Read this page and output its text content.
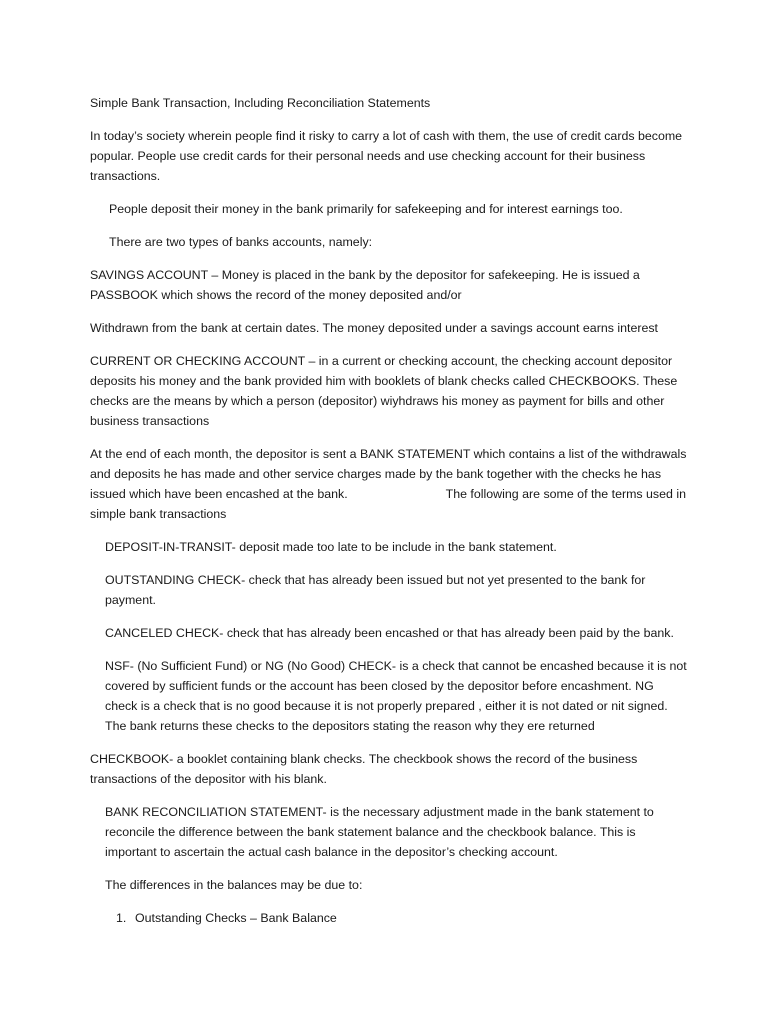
Simple Bank Transaction, Including Reconciliation Statements

In today’s society wherein people find it risky to carry a lot of cash with them, the use of credit cards become popular. People use credit cards for their personal needs and use checking account for their business transactions.

People deposit their money in the bank primarily for safekeeping and for interest earnings too.

There are two types of banks accounts, namely:

SAVINGS ACCOUNT – Money is placed in the bank by the depositor for safekeeping. He is issued a PASSBOOK which shows the record of the money deposited and/or

Withdrawn from the bank at certain dates. The money deposited under a savings account earns interest

CURRENT OR CHECKING ACCOUNT – in a current or checking account, the checking account depositor deposits his money and the bank provided him with booklets of blank checks called CHECKBOOKS. These checks are the means by which a person (depositor) wiyhdraws his money as payment for bills and other business transactions

At the end of each month, the depositor is sent a BANK STATEMENT which contains a list of the withdrawals and deposits he has made and other service charges made by the bank together with the checks he has issued which have been encashed at the bank.	The following are some of the terms used in simple bank transactions

DEPOSIT-IN-TRANSIT- deposit made too late to be include in the bank statement.

OUTSTANDING CHECK- check that has already been issued but not yet presented to the bank for payment.

CANCELED CHECK- check that has already been encashed or that has already been paid by the bank.

NSF- (No Sufficient Fund) or NG (No Good) CHECK- is a check that cannot be encashed because it is not covered by sufficient funds or the account has been closed by the depositor before encashment. NG check is a check that is no good because it is not properly prepared , either it is not dated or nit signed. The bank returns these checks to the depositors stating the reason why they ere returned

CHECKBOOK- a booklet containing blank checks. The checkbook shows the record of the business transactions of the depositor with his blank.

BANK RECONCILIATION STATEMENT- is the necessary adjustment made in the bank statement to reconcile the difference between the bank statement balance and the checkbook balance. This is important to ascertain the actual cash balance in the depositor’s checking account.

The differences in the balances may be due to:

1. Outstanding Checks – Bank Balance
